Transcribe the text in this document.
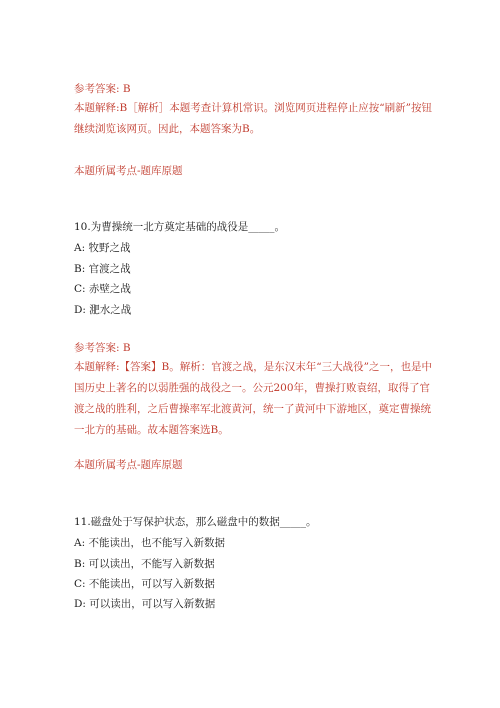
参考答案: B
本题解释:B［解析］本题考查计算机常识。浏览网页进程停止应按“刷新”按钮继续浏览该网页。因此，本题答案为B。
本题所属考点-题库原题
10.为曹操统一北方奠定基础的战役是_____。
A: 牧野之战
B: 官渡之战
C: 赤壁之战
D: 淝水之战
参考答案: B
本题解释:【答案】B。解析：官渡之战，是东汉末年“三大战役”之一，也是中国历史上著名的以弱胜强的战役之一。公元200年，曹操打败袁绍，取得了官渡之战的胜利，之后曹操率军北渡黄河，统一了黄河中下游地区，奠定曹操统一北方的基础。故本题答案选B。
本题所属考点-题库原题
11.磁盘处于写保护状态，那么磁盘中的数据_____。
A: 不能读出，也不能写入新数据
B: 可以读出，不能写入新数据
C: 不能读出，可以写入新数据
D: 可以读出，可以写入新数据
